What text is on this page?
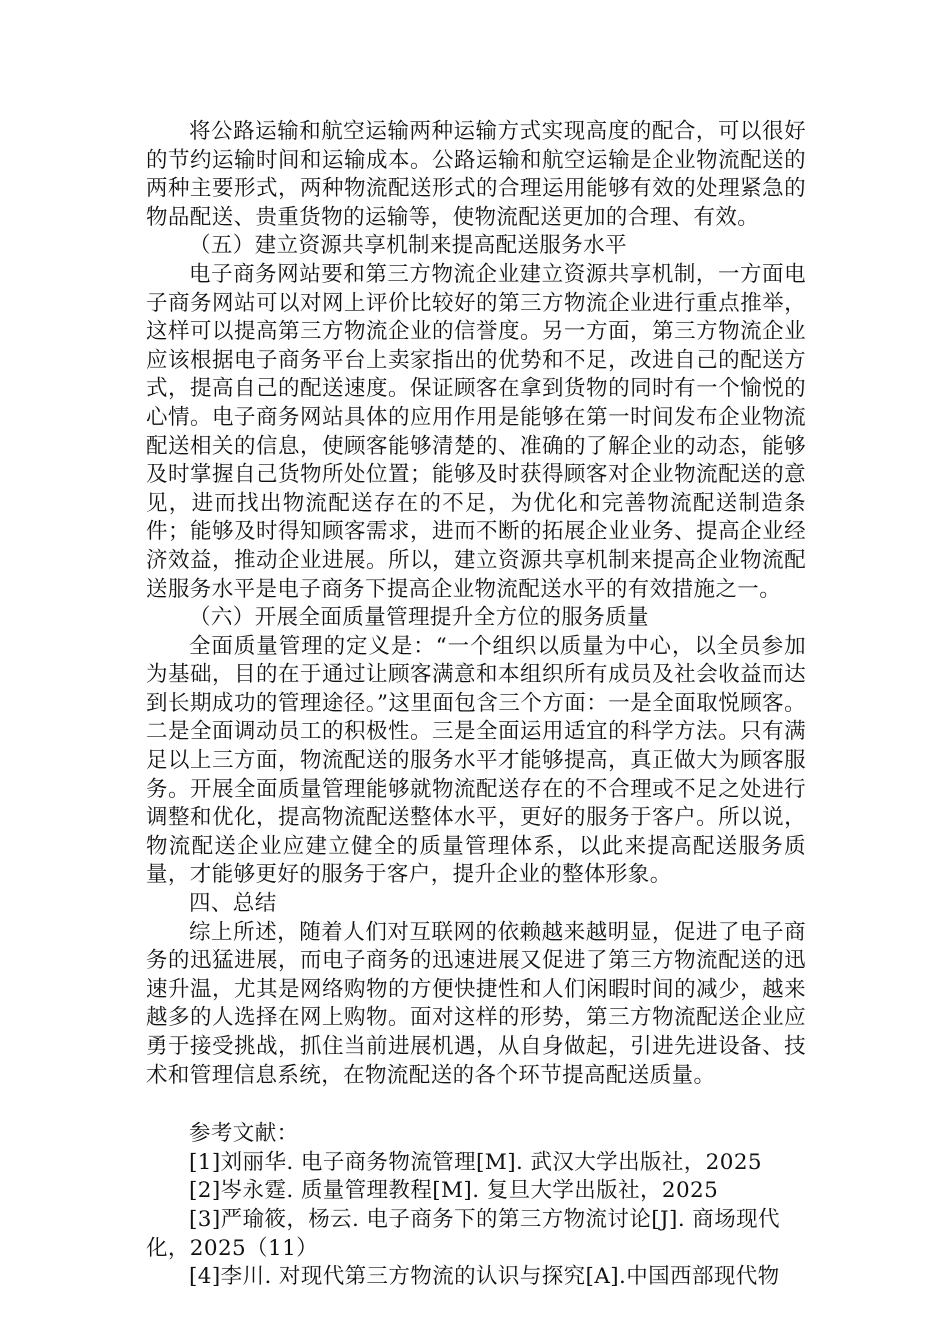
将公路运输和航空运输两种运输方式实现高度的配合，可以很好的节约运输时间和运输成本。公路运输和航空运输是企业物流配送的两种主要形式，两种物流配送形式的合理运用能够有效的处理紧急的物品配送、贵重货物的运输等，使物流配送更加的合理、有效。

（五）建立资源共享机制来提高配送服务水平

电子商务网站要和第三方物流企业建立资源共享机制，一方面电子商务网站可以对网上评价比较好的第三方物流企业进行重点推举，这样可以提高第三方物流企业的信誉度。另一方面，第三方物流企业应该根据电子商务平台上卖家指出的优势和不足，改进自己的配送方式，提高自己的配送速度。保证顾客在拿到货物的同时有一个愉悦的心情。电子商务网站具体的应用作用是能够在第一时间发布企业物流配送相关的信息，使顾客能够清楚的、准确的了解企业的动态，能够及时掌握自己货物所处位置；能够及时获得顾客对企业物流配送的意见，进而找出物流配送存在的不足，为优化和完善物流配送制造条件；能够及时得知顾客需求，进而不断的拓展企业业务、提高企业经济效益，推动企业进展。所以，建立资源共享机制来提高企业物流配送服务水平是电子商务下提高企业物流配送水平的有效措施之一。

（六）开展全面质量管理提升全方位的服务质量

全面质量管理的定义是：“一个组织以质量为中心，以全员参加为基础，目的在于通过让顾客满意和本组织所有成员及社会收益而达到长期成功的管理途径。”这里面包含三个方面：一是全面取悦顾客。二是全面调动员工的积极性。三是全面运用适宜的科学方法。只有满足以上三方面，物流配送的服务水平才能够提高，真正做大为顾客服务。开展全面质量管理能够就物流配送存在的不合理或不足之处进行调整和优化，提高物流配送整体水平，更好的服务于客户。所以说，物流配送企业应建立健全的质量管理体系，以此来提高配送服务质量，才能够更好的服务于客户，提升企业的整体形象。

四、总结

综上所述，随着人们对互联网的依赖越来越明显，促进了电子商务的迅猛进展，而电子商务的迅速进展又促进了第三方物流配送的迅速升温，尤其是网络购物的方便快捷性和人们闲暇时间的减少，越来越多的人选择在网上购物。面对这样的形势，第三方物流配送企业应勇于接受挑战，抓住当前进展机遇，从自身做起，引进先进设备、技术和管理信息系统，在物流配送的各个环节提高配送质量。

参考文献：

[1]刘丽华. 电子商务物流管理[M]. 武汉大学出版社，2025

[2]岑永霆. 质量管理教程[M]. 复旦大学出版社，2025

[3]严瑜筱，杨云. 电子商务下的第三方物流讨论[J]. 商场现代化，2025（11）

[4]李川. 对现代第三方物流的认识与探究[A].中国西部现代物
